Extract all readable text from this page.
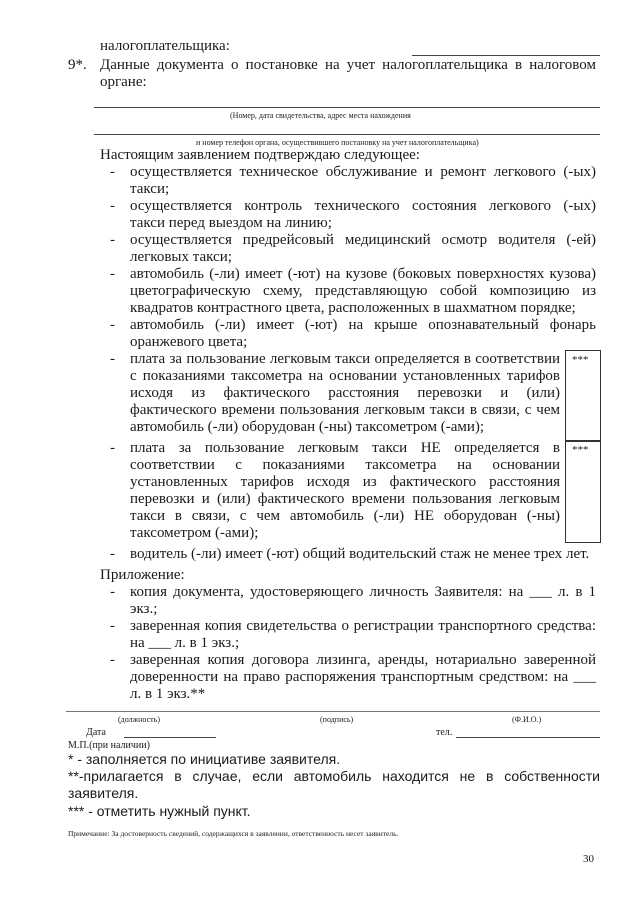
налогоплательщика:
9*. Данные документа о постановке на учет налогоплательщика в налоговом
органе:
(Номер, дата свидетельства, адрес места нахождения
и номер телефон органа, осуществившего постановку на учет налогоплательщика)
Настоящим заявлением подтверждаю следующее:
- осуществляется техническое обслуживание и ремонт легкового (-ых)
такси;
- осуществляется контроль технического состояния легкового (-ых)
такси перед выездом на линию;
- осуществляется предрейсовый медицинский осмотр водителя (-ей)
легковых такси;
- автомобиль (-ли) имеет (-ют) на кузове (боковых поверхностях кузова)
цветографическую схему, представляющую собой композицию из
квадратов контрастного цвета, расположенных в шахматном порядке;
- автомобиль (-ли) имеет (-ют) на крыше опознавательный фонарь
оранжевого цвета;
- плата за пользование легковым такси определяется в соответствии
с показаниями таксометра на основании установленных тарифов
исходя из фактического расстояния перевозки и (или)
фактического времени пользования легковым такси в связи, с чем
автомобиль (-ли) оборудован (-ны) таксометром (-ами);
- плата за пользование легковым такси НЕ определяется в
соответствии с показаниями таксометра на основании
установленных тарифов исходя из фактического расстояния
перевозки и (или) фактического времени пользования легковым
такси в связи, с чем автомобиль (-ли) НЕ оборудован (-ны)
таксометром (-ами);
- водитель (-ли) имеет (-ют) общий водительский стаж не менее трех лет.
***
***
Приложение:
- копия документа, удостоверяющего личность Заявителя: на ___ л. в 1
экз.;
- заверенная копия свидетельства о регистрации транспортного средства:
на ___ л. в 1 экз.;
- заверенная копия договора лизинга, аренды, нотариально заверенной
доверенности на право распоряжения транспортным средством: на ___
л. в 1 экз.**
(должность)	(подпись)	(Ф.И.О.)
Дата	тел.
М.П.(при наличии)
* - заполняется по инициативе заявителя.
**-прилагается в случае, если автомобиль находится не в собственности
заявителя.
*** - отметить нужный пункт.
Примечание: За достоверность сведений, содержащихся в заявлении, ответственность несет заявитель.
30
